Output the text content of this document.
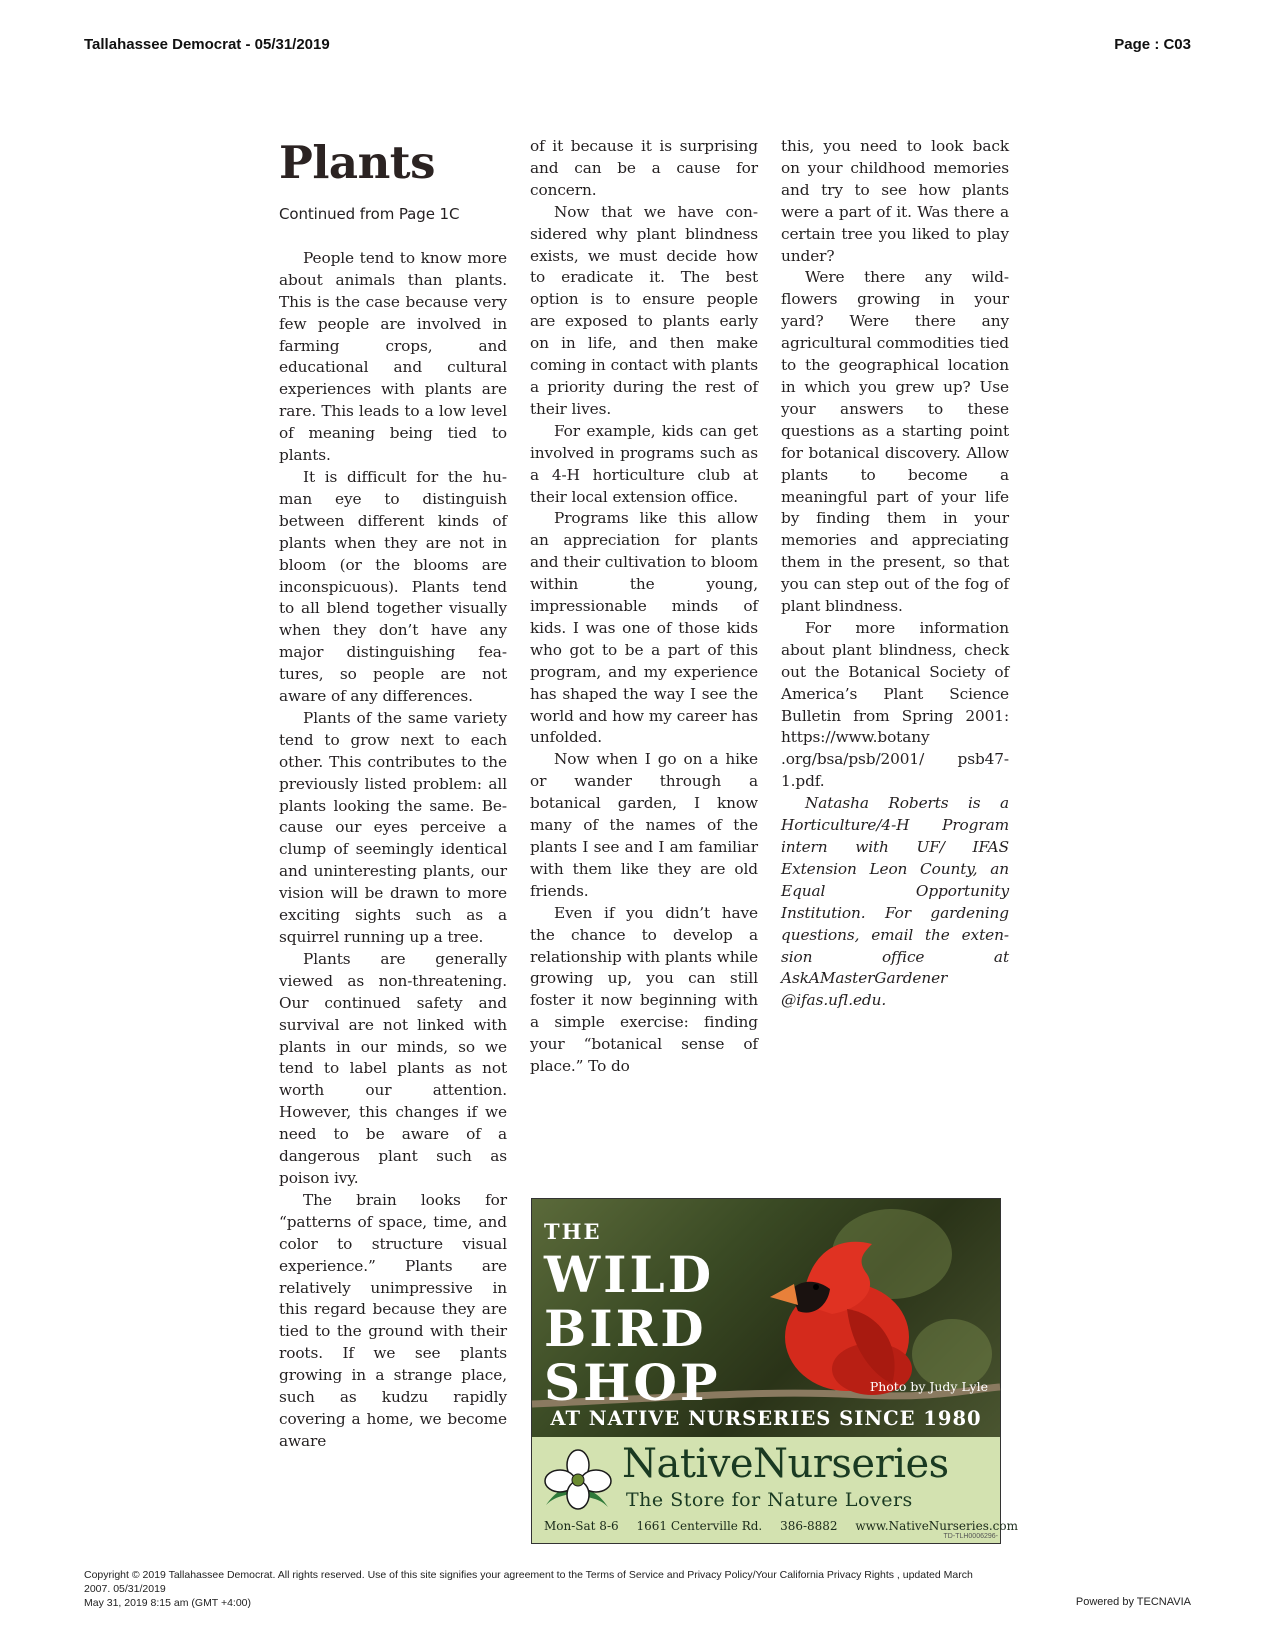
Tallahassee Democrat - 05/31/2019	Page : C03
Plants
Continued from Page 1C

People tend to know more about animals than plants. This is the case because very few people are involved in farming crops, and educational and cultural experiences with plants are rare. This leads to a low level of meaning being tied to plants.

It is difficult for the human eye to distinguish between different kinds of plants when they are not in bloom (or the blooms are inconspicuous). Plants tend to all blend together visually when they don’t have any major distinguishing features, so people are not aware of any differences.

Plants of the same variety tend to grow next to each other. This contributes to the previously listed problem: all plants looking the same. Because our eyes perceive a clump of seemingly identical and uninteresting plants, our vision will be drawn to more exciting sights such as a squirrel running up a tree.

Plants are generally viewed as non-threatening. Our continued safety and survival are not linked with plants in our minds, so we tend to label plants as not worth our attention. However, this changes if we need to be aware of a dangerous plant such as poison ivy.

The brain looks for “patterns of space, time, and color to structure visual experience.” Plants are relatively unimpressive in this regard because they are tied to the ground with their roots. If we see plants growing in a strange place, such as kudzu rapidly covering a home, we become aware

of it because it is surprising and can be a cause for concern.

Now that we have considered why plant blindness exists, we must decide how to eradicate it. The best option is to ensure people are exposed to plants early on in life, and then make coming in contact with plants a priority during the rest of their lives.

For example, kids can get involved in programs such as a 4-H horticulture club at their local extension office.

Programs like this allow an appreciation for plants and their cultivation to bloom within the young, impressionable minds of kids. I was one of those kids who got to be a part of this program, and my experience has shaped the way I see the world and how my career has unfolded.

Now when I go on a hike or wander through a botanical garden, I know many of the names of the plants I see and I am familiar with them like they are old friends.

Even if you didn’t have the chance to develop a relationship with plants while growing up, you can still foster it now beginning with a simple exercise: finding your “botanical sense of place.” To do

this, you need to look back on your childhood memories and try to see how plants were a part of it. Was there a certain tree you liked to play under?

Were there any wildflowers growing in your yard? Were there any agricultural commodities tied to the geographical location in which you grew up? Use your answers to these questions as a starting point for botanical discovery. Allow plants to become a meaningful part of your life by finding them in your memories and appreciating them in the present, so that you can step out of the fog of plant blindness.

For more information about plant blindness, check out the Botanical Society of America’s Plant Science Bulletin from Spring 2001: https://www.botany .org/bsa/psb/2001/ psb47-1.pdf.

Natasha Roberts is a Horticulture/4-H Program intern with UF/ IFAS Extension Leon County, an Equal Opportunity Institution. For gardening questions, email the extension office at AskAMasterGardener @ifas.ufl.edu.

THE
WILD
BIRD
SHOP	Photo by Judy Lyle
AT NATIVE NURSERIES SINCE 1980
NativeNurseries
The Store for Nature Lovers
Mon-Sat 8-6 1661 Centerville Rd. 386-8882 www.NativeNurseries.com
TD-TLH0006296-
Copyright © 2019 Tallahassee Democrat. All rights reserved. Use of this site signifies your agreement to the Terms of Service and Privacy Policy/Your California Privacy Rights , updated March
2007. 05/31/2019
May 31, 2019 8:15 am (GMT +4:00)	Powered by TECNAVIA
